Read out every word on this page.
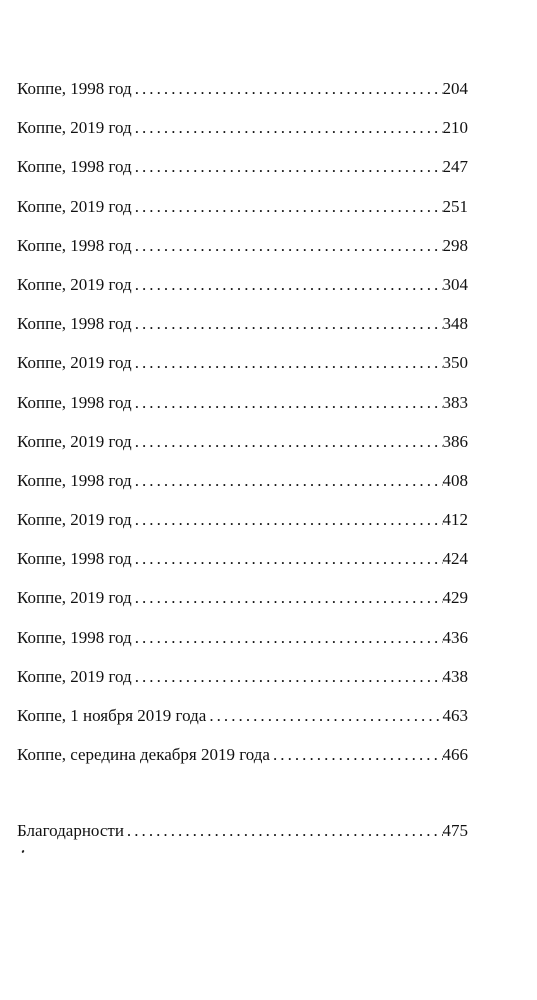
Коппе, 1998 год . . .	204
Коппе, 2019 год . . .	210
Коппе, 1998 год . . .	247
Коппе, 2019 год . . .	251
Коппе, 1998 год . . .	298
Коппе, 2019 год . . .	304
Коппе, 1998 год . . .	348
Коппе, 2019 год . . .	350
Коппе, 1998 год . . .	383
Коппе, 2019 год . . .	386
Коппе, 1998 год . . .	408
Коппе, 2019 год . . .	412
Коппе, 1998 год . . .	424
Коппе, 2019 год . . .	429
Коппе, 1998 год . . .	436
Коппе, 2019 год . . .	438
Коппе, 1 ноября 2019 года . . .	463
Коппе, середина декабря 2019 года . . .	466
Благодарности . . .	475
